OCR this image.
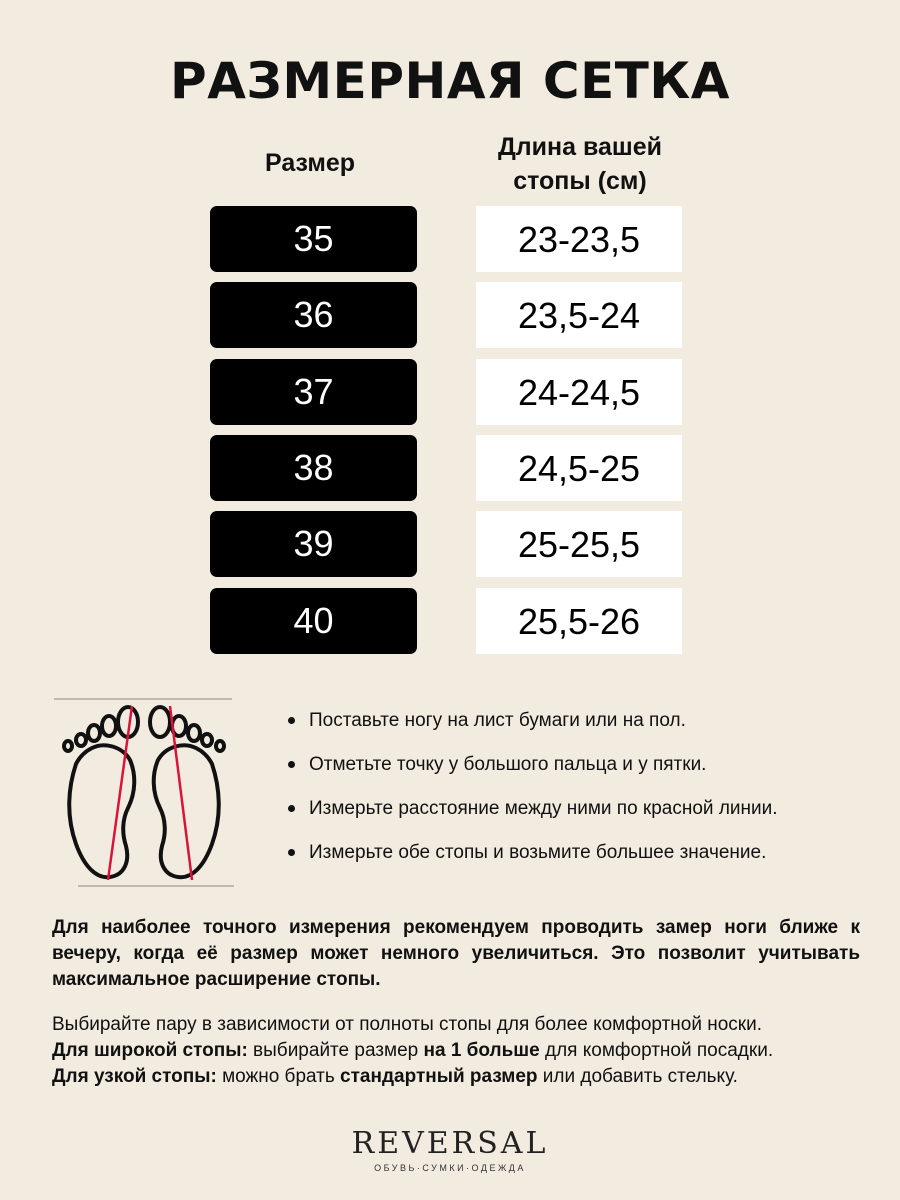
РАЗМЕРНАЯ СЕТКА
Размер
Длина вашей
стопы (см)
35	23-23,5
36	23,5-24
37	24-24,5
38	24,5-25
39	25-25,5
40	25,5-26
Поставьте ногу на лист бумаги или на пол.
Отметьте точку у большого пальца и у пятки.
Измерьте расстояние между ними по красной линии.
Измерьте обе стопы и возьмите большее значение.
Для наиболее точного измерения рекомендуем проводить замер ноги ближе к вечеру, когда её размер может немного увеличиться. Это позволит учитывать максимальное расширение стопы.

Выбирайте пару в зависимости от полноты стопы для более комфортной носки.

Для широкой стопы: выбирайте размер на 1 больше для комфортной посадки.

Для узкой стопы: можно брать стандартный размер или добавить стельку.

REVERSAL
ОБУВЬ·СУМКИ·ОДЕЖДА
